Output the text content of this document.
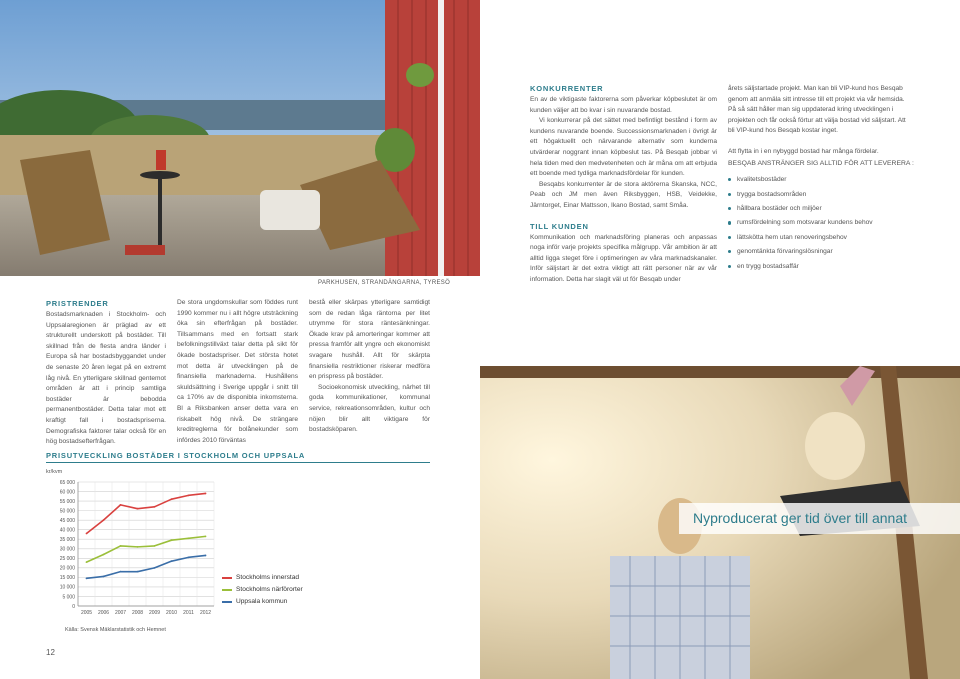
PARKHUSEN, STRANDÄNGARNA, TYRESÖ
KONKURRENTER

En av de viktigaste faktorerna som påverkar köpbeslutet är om kunden väljer att bo kvar i sin nuvarande bostad.

Vi konkurrerar på det sättet med befintligt bestånd i form av kundens nuvarande boende. Successionsmarknaden i övrigt är ett högaktuellt och närvarande alternativ som kunderna utvärderar noggrant innan köpbeslut tas. På Besqab jobbar vi hela tiden med den medvetenheten och är måna om att erbjuda ett boende med tydliga marknadsfördelar för kunden.

Besqabs konkurrenter är de stora aktörerna Skanska, NCC, Peab och JM men även Riksbyggen, HSB, Veidekke, Järntorget, Einar Mattsson, Ikano Bostad, samt Småa.

TILL KUNDEN

Kommunikation och marknadsföring planeras och anpassas noga inför varje projekts specifika målgrupp. Vår ambition är att alltid ligga steget före i optimeringen av våra marknadskanaler. Inför säljstart är det extra viktigt att rätt personer när av vår information. Detta har slagit väl ut för Besqab under

årets säljstartade projekt. Man kan bli VIP-kund hos Besqab genom att anmäla sitt intresse till ett projekt via vår hemsida. På så sätt håller man sig uppdaterad kring utvecklingen i projekten och får också förtur att välja bostad vid säljstart. Att bli VIP-kund hos Besqab kostar inget.

Att flytta in i en nybyggd bostad har många fördelar.

BESQAB ANSTRÄNGER SIG ALLTID FÖR ATT LEVERERA :
kvalitetsbostäder
trygga bostadsområden
hållbara bostäder och miljöer
rumsfördelning som motsvarar kundens behov
lättskötta hem utan renoveringsbehov
genomtänkta förvaringslösningar
en trygg bostadsaffär
PRISTRENDER
Bostadsmarknaden i Stockholm- och Uppsalaregionen är präglad av ett strukturellt underskott på bostäder. Till skillnad från de flesta andra länder i Europa så har bostadsbyggandet under de senaste 20 åren legat på en extremt låg nivå. En ytterligare skillnad gentemot områden är att i princip samtliga bostäder är bebodda permanentbostäder. Detta talar mot ett kraftigt fall i bostadspriserna. Demografiska faktorer talar också för en hög bostadsefterfrågan.
De stora ungdomskullar som föddes runt 1990 kommer nu i allt högre utsträckning öka sin efterfrågan på bostäder. Tillsammans med en fortsatt stark befolkningstillväxt talar detta på sikt för ökade bostadspriser. Det största hotet mot detta är utvecklingen på de finansiella marknaderna. Hushållens skuldsättning i Sverige uppgår i snitt till ca 170% av de disponibla inkomsterna. Bl a Riksbanken anser detta vara en riskabelt hög nivå. De strängare kreditreglerna för bolånekunder som infördes 2010 förväntas

bestå eller skärpas ytterligare samtidigt som de redan låga räntorna per litet utrymme för stora räntesänkningar. Ökade krav på amorteringar kommer att pressa framför allt yngre och ekonomiskt svagare hushåll. Allt för skärpta finansiella restriktioner riskerar medföra en prispress på bostäder.

Socioekonomisk utveckling, närhet till goda kommunikationer, kommunal service, rekreationsområden, kultur och nöjen blir allt viktigare för bostadsköparen.

Nyproducerat ger tid över till annat
PRISUTVECKLING BOSTÄDER I STOCKHOLM OCH UPPSALA
kr/kvm
65 000
60 000
55 000
50 000
45 000
40 000
35 000
30 000
25 000
20 000
15 000
10 000
5 000
0
2005 2006 2007 2008 2009 2010 2011 2012
Stockholms innerstad
Stockholms närförorter
Uppsala kommun
Källa: Svensk Mäklarstatistik och Hemnet
12
